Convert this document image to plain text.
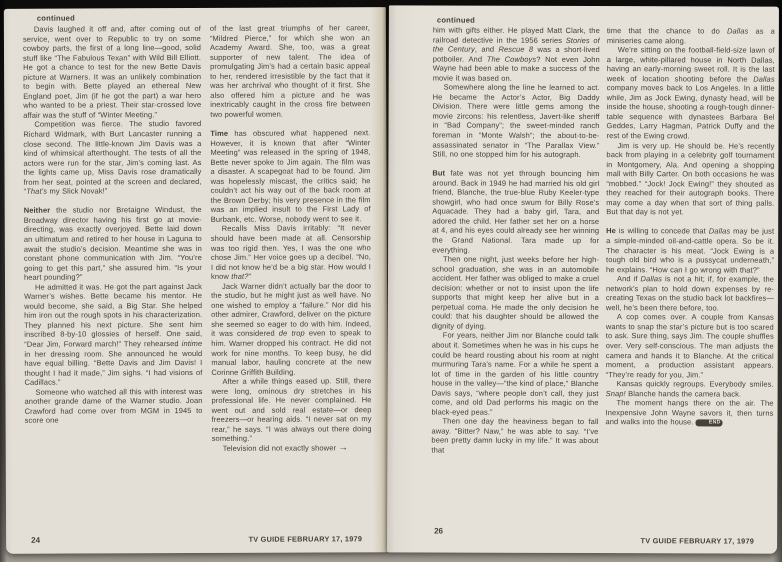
continued

Davis laughed it off and, after coming out of service, went over to Republic to try on some cowboy parts, the first of a long line—good, solid stuff like “The Fabulous Texan” with Wild Bill Elliott. He got a chance to test for the new Bette Davis picture at Warners. It was an unlikely combination to begin with. Bette played an ethereal New England poet, Jim (if he got the part) a war hero who wanted to be a priest. Their star-crossed love affair was the stuff of “Winter Meeting.”

Competition was fierce. The studio favored Richard Widmark, with Burt Lancaster running a close second. The little-known Jim Davis was a kind of whimsical afterthought. The tests of all the actors were run for the star, Jim’s coming last. As the lights came up, Miss Davis rose dramatically from her seat, pointed at the screen and declared, “That’s my Slick Novak!”

Neither the studio nor Bretaigne Windust, the Broadway director having his first go at movie-directing, was exactly overjoyed. Bette laid down an ultimatum and retired to her house in Laguna to await the studio’s decision. Meantime she was in constant phone communication with Jim. “You’re going to get this part,” she assured him. “Is your heart pounding?”

He admitted it was. He got the part against Jack Warner’s wishes. Bette became his mentor. He would become, she said, a Big Star. She helped him iron out the rough spots in his characterization. They planned his next picture. She sent him inscribed 8-by-10 glossies of herself. One said, “Dear Jim, Forward march!” They rehearsed intime in her dressing room. She announced he would have equal billing. “Bette Davis and Jim Davis! I thought I had it made,” Jim sighs. “I had visions of Cadillacs.”

Someone who watched all this with interest was another grande dame of the Warner studio. Joan Crawford had come over from MGM in 1945 to score one

of the last great triumphs of her career, “Mildred Pierce,” for which she won an Academy Award. She, too, was a great supporter of new talent. The idea of promulgating Jim’s had a certain basic appeal to her, rendered irresistible by the fact that it was her archrival who thought of it first. She also offered him a picture and he was inextricably caught in the cross fire between two powerful women.

Time has obscured what happened next. However, it is known that after “Winter Meeting” was released in the spring of 1948, Bette never spoke to Jim again. The film was a disaster. A scapegoat had to be found. Jim was hopelessly miscast, the critics said; he couldn’t act his way out of the back room at the Brown Derby; his very presence in the film was an implied insult to the First Lady of Burbank, etc. Worse, nobody went to see it.

Recalls Miss Davis irritably: “It never should have been made at all. Censorship was too rigid then. Yes, I was the one who chose Jim.” Her voice goes up a decibel. “No, I did not know he’d be a big star. How would I know that?”

Jack Warner didn’t actually bar the door to the studio, but he might just as well have. No one wished to employ a “failure.” Nor did his other admirer, Crawford, deliver on the picture she seemed so eager to do with him. Indeed, it was considered de trop even to speak to him. Warner dropped his contract. He did not work for nine months. To keep busy, he did manual labor, hauling concrete at the new Corinne Griffith Building.

After a while things eased up. Still, there were long, ominous dry stretches in his professional life. He never complained. He went out and sold real estate—or deep freezers—or hearing aids. “I never sat on my rear,” he says. “I was always out there doing something.”

Television did not exactly shower →

24	TV GUIDE FEBRUARY 17, 1979
continued

him with gifts either. He played Matt Clark, the railroad detective in the 1956 series Stories of the Century, and Rescue 8 was a short-lived potboiler. And The Cowboys? Not even John Wayne had been able to make a success of the movie it was based on.

Somewhere along the line he learned to act. He became the Actor’s Actor, Big Daddy Division. There were little gems among the movie zircons: his relentless, Javert-like sheriff in “Bad Company”; the sweet-minded ranch foreman in “Monte Walsh”; the about-to-be-assassinated senator in “The Parallax View.” Still, no one stopped him for his autograph.

But fate was not yet through bouncing him around. Back in 1949 he had married his old girl friend, Blanche, the true-blue Ruby Keeler-type showgirl, who had once swum for Billy Rose’s Aquacade. They had a baby girl, Tara, and adored the child. Her father set her on a horse at 4, and his eyes could already see her winning the Grand National. Tara made up for everything.

Then one night, just weeks before her high-school graduation, she was in an automobile accident. Her father was obliged to make a cruel decision: whether or not to insist upon the life supports that might keep her alive but in a perpetual coma. He made the only decision he could: that his daughter should be allowed the dignity of dying.

For years, neither Jim nor Blanche could talk about it. Sometimes when he was in his cups he could be heard rousting about his room at night murmuring Tara’s name. For a while he spent a lot of time in the garden of his little country house in the valley—“the kind of place,” Blanche Davis says, “where people don’t call, they just come, and old Dad performs his magic on the black-eyed peas.”

Then one day the heaviness began to fall away. “Bitter? Naw,” he was able to say. “I’ve been pretty damn lucky in my life.” It was about that

time that the chance to do Dallas as a miniseries came along.

We’re sitting on the football-field-size lawn of a large, white-pillared house in North Dallas, having an early-morning sweet roll. It is the last week of location shooting before the Dallas company moves back to Los Angeles. In a little while, Jim as Jock Ewing, dynasty head, will be inside the house, shooting a rough-tough dinner-table sequence with dynastees Barbara Bel Geddes, Larry Hagman, Patrick Duffy and the rest of the Ewing crowd.

Jim is very up. He should be. He’s recently back from playing in a celebrity golf tournament in Montgomery, Ala. And opening a shopping mall with Billy Carter. On both occasions he was “mobbed.” “Jock! Jock Ewing!” they shouted as they reached for their autograph books. There may come a day when that sort of thing palls. But that day is not yet.

He is willing to concede that Dallas may be just a simple-minded oil-and-cattle opera. So be it. The character is his meat. “Jock Ewing is a tough old bird who is a pussycat underneath,” he explains. “How can I go wrong with that?”

And if Dallas is not a hit; if, for example, the network’s plan to hold down expenses by re-creating Texas on the studio back lot backfires—well, he’s been there before, too.

A cop comes over. A couple from Kansas wants to snap the star’s picture but is too scared to ask. Sure thing, says Jim. The couple shuffles over. Very self-conscious. The man adjusts the camera and hands it to Blanche. At the critical moment, a production assistant appears. “They’re ready for you, Jim.”

Kansas quickly regroups. Everybody smiles. Snap! Blanche hands the camera back.

The moment hangs there on the air. The Inexpensive John Wayne savors it, then turns and walks into the house. END

26
TV GUIDE FEBRUARY 17, 1979
